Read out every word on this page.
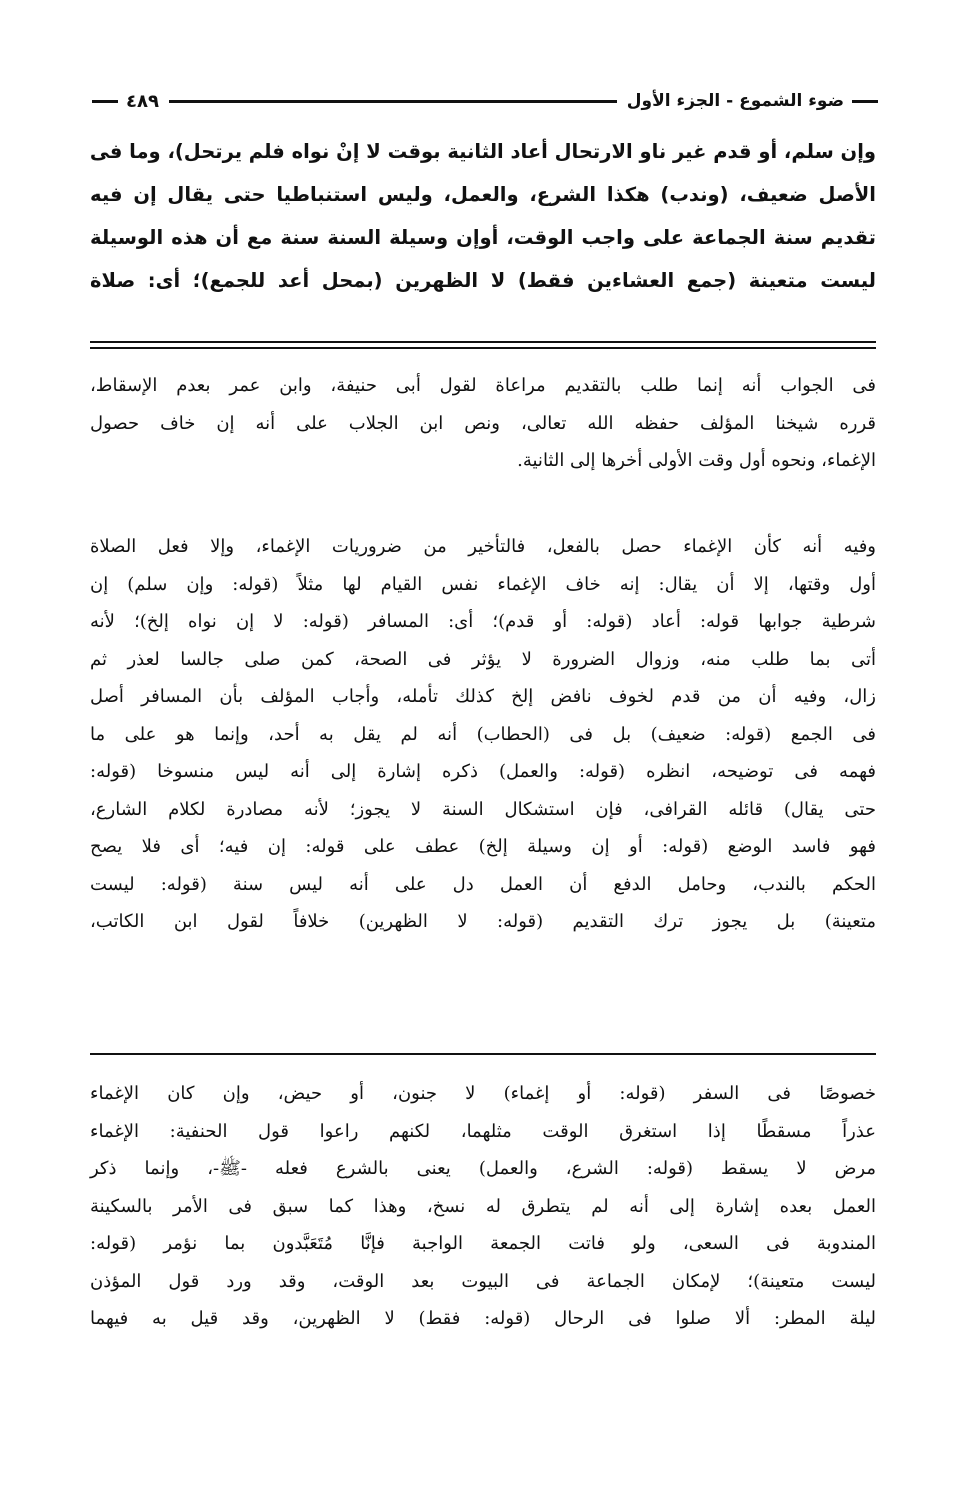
ضوء الشموع - الجزء الأول
٤٨٩
وإن سلم، أو قدم غير ناو الارتحال أعاد الثانية بوقت لا إنْ نواه فلم يرتحل)، وما فى
الأصل ضعيف، (وندب) هكذا الشرع، والعمل، وليس استنباطيا حتى يقال إن فيه
تقديم سنة الجماعة على واجب الوقت، أوإن وسيلة السنة سنة مع أن هذه الوسيلة
ليست متعينة (جمع العشاءين فقط) لا الظهرين (بمحل أعد للجمع)؛ أى: صلاة
فى الجواب أنه إنما طلب بالتقديم مراعاة لقول أبى حنيفة، وابن عمر بعدم الإسقاط،
قرره شيخنا المؤلف حفظه الله تعالى، ونص ابن الجلاب على أنه إن خاف حصول
الإغماء، ونحوه أول وقت الأولى أخرها إلى الثانية.
وفيه أنه كأن الإغماء حصل بالفعل، فالتأخير من ضروريات الإغماء، وإلا فعل الصلاة
أول وقتها، إلا أن يقال: إنه خاف الإغماء نفس القيام لها مثلاً (قوله: وإن سلم) إن
شرطية جوابها قوله: أعاد (قوله: أو قدم)؛ أى: المسافر (قوله: لا إن نواه إلخ)؛ لأنه
أتى بما طلب منه، وزوال الضرورة لا يؤثر فى الصحة، كمن صلى جالسا لعذر ثم
زال، وفيه أن من قدم لخوف نافض إلخ كذلك تأمله، وأجاب المؤلف بأن المسافر أصل
فى الجمع (قوله: ضعيف) بل فى (الحطاب) أنه لم يقل به أحد، وإنما هو على ما
فهمه فى توضيحه، انظره (قوله: والعمل) ذكره إشارة إلى أنه ليس منسوخا (قوله:
حتى يقال) قائله القرافى، فإن استشكال السنة لا يجوز؛ لأنه مصادرة لكلام الشارع،
فهو فاسد الوضع (قوله: أو إن وسيلة إلخ) عطف على قوله: إن فيه؛ أى فلا يصح
الحكم بالندب، وحامل الدفع أن العمل دل على أنه ليس سنة (قوله: ليست
متعينة) بل يجوز ترك التقديم (قوله: لا الظهرين) خلافاً لقول ابن الكاتب،
خصوصًا فى السفر (قوله: أو إغماء) لا جنون، أو حيض، وإن كان الإغماء
عذراً مسقطًا إذا استغرق الوقت مثلهما، لكنهم راعوا قول الحنفية: الإغماء
مرض لا يسقط (قوله: الشرع، والعمل) يعنى بالشرع فعله -ﷺ-، وإنما ذكر
العمل بعده إشارة إلى أنه لم يتطرق له نسخ، وهذا كما سبق فى الأمر بالسكينة
المندوبة فى السعى، ولو فاتت الجمعة الواجبة فإنَّا مُتَعَبَّدون بما نؤمر (قوله:
ليست متعينة)؛ لإمكان الجماعة فى البيوت بعد الوقت، وقد ورد قول المؤذن
ليلة المطر: ألا صلوا فى الرحال (قوله: فقط) لا الظهرين، وقد قيل به فيهما
